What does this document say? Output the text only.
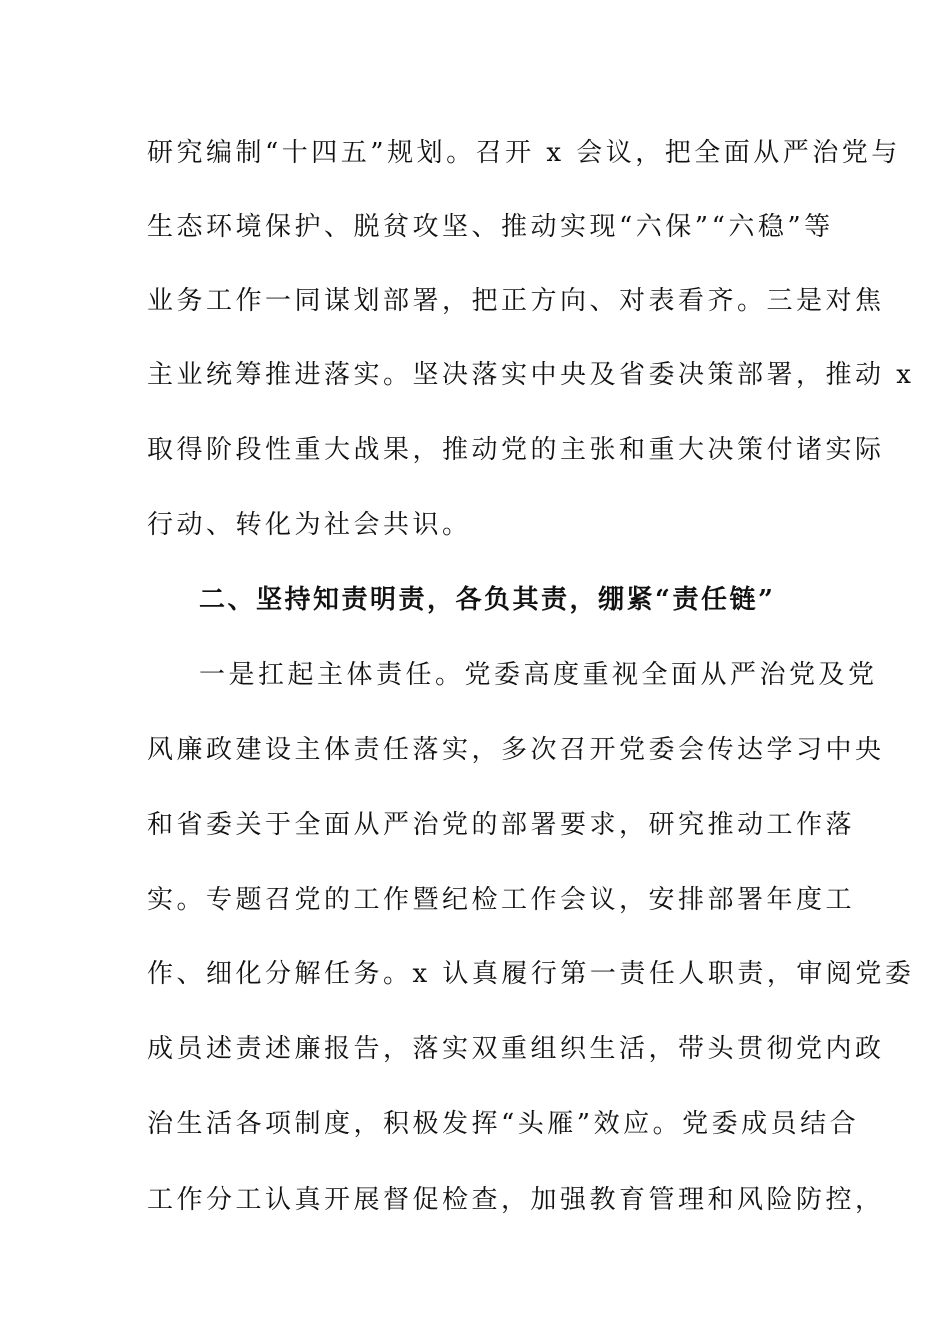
研究编制“十四五”规划。召开 x 会议，把全面从严治党与
生态环境保护、脱贫攻坚、推动实现“六保”“六稳”等
业务工作一同谋划部署，把正方向、对表看齐。三是对焦
主业统筹推进落实。坚决落实中央及省委决策部署，推动 x
取得阶段性重大战果，推动党的主张和重大决策付诸实际
行动、转化为社会共识。
二、坚持知责明责，各负其责，绷紧“责任链”
一是扛起主体责任。党委高度重视全面从严治党及党
风廉政建设主体责任落实，多次召开党委会传达学习中央
和省委关于全面从严治党的部署要求，研究推动工作落
实。专题召党的工作暨纪检工作会议，安排部署年度工
作、细化分解任务。x 认真履行第一责任人职责，审阅党委
成员述责述廉报告，落实双重组织生活，带头贯彻党内政
治生活各项制度，积极发挥“头雁”效应。党委成员结合
工作分工认真开展督促检查，加强教育管理和风险防控，
